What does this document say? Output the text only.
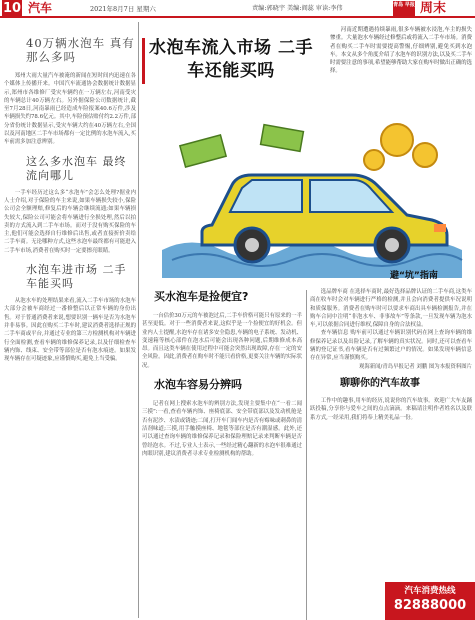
10 汽车	2021年8月7日 星期六	责编:郭晓宇 美编:阎蕊 审读:李伟	青岛 早报 周末
40万辆水泡车 真有那么多吗
郑州大雨大量汽车被淹的新闻在短时间内迅速在各个媒体上传播开来。中国汽车流通协会数据统计数据显示,郑州市各维修厂受灾车辆约在一万辆左右,河南受灾的车辆总计40万辆左右。另外据保险公司数据统计,截至7月28日,河南暴雨已经造成车险报案40.6万件,涉及车辆损失约78.6亿元。其中,车险预估赔付约2.2万件,部分省份统计数据显示,受灾车辆大约在40万辆左右,全国以及河南地区二手车市场都有一定比例的水泡车流入,买车前需多加注意辨别。
这么多水泡车 最终流向哪儿
一手车经历过这么多“水泡车”会怎么处理?据业内人士介绍,对于保险的车主来说,如果车辆损失较小,保险公司会全额理赔,修复后的车辆会继续流通;如果车辆损失较大,保险公司可能会将车辆进行全损处理,然后以拍卖的方式流入到二手车市场。而对于没有购买保险的车主,他们可能会选择自行维修后出售,或者直接折价卖给二手车商。无论哪种方式,这些水泡车最终都有可能进入二手车市场,消费者在购买时一定要擦亮眼睛。
水泡车进市场 二手车能买吗
从泡水车的处理结果来看,流入二手车市场的水泡车大部分会被车商经过一番修整后以正常车辆的身份出售。对于普通消费者来说,想要识别一辆车是否为水泡车并非易事。因此在购买二手车时,建议消费者选择正规的二手车商或平台,并通过专业的第三方检测机构对车辆进行全面检测,查看车辆的维修保养记录,以及仔细检查车辆内饰、线束、安全带等部位是否有泡水痕迹。如果发现车辆存在可疑迹象,应谨慎购买,避免上当受骗。
水泡车流入市场 二手车还能买吗
河南近期遭遇持续暴雨,很多车辆被水浸泡,车主的损失惨重。大量泡水车辆经过修整后或将流入二手车市场。消费者在购买二手车时需要提高警惕,仔细辨别,避免买到水泡车。本文从多个角度介绍了水泡车的识别方法,以及买二手车时需要注意的事项,希望能够帮助大家在购车时做出正确的选择。
避“坑”指南
买水泡车是捡便宜?
一台估价30万元的车被泡过后,二手车价格可能只有原来的一半甚至更低。对于一些消费者来说,这似乎是一个捡便宜的好机会。但业内人士提醒,水泡车存在诸多安全隐患,车辆的电子系统、发动机、变速箱等核心部件在泡水后可能会出现各种问题,后期维修成本高昂。而且这类车辆在使用过程中可能会突然出现故障,存在一定的安全风险。因此,消费者在购车时不能只看价格,更要关注车辆的实际状况。
水泡车容易分辨吗
记者在网上搜索水泡车的辨别方法,发现主要集中在“一看二闻三摸”:一看,查看车辆内饰、座椅底部、安全带底部以及发动机舱是否有泥沙、水渍或锈迹;二闻,打开车门闻车内是否有霉味或刺鼻的清洁剂味道;三摸,用手触摸座椅、地毯等部位是否有潮湿感。此外,还可以通过查询车辆的维修保养记录和保险理赔记录来判断车辆是否曾经泡水。不过,专业人士表示,一些经过精心翻新的水泡车很难通过肉眼识别,建议消费者寻求专业检测机构的帮助。
选品牌车商 在选择车商时,最好选择品牌认证的二手车商,这类车商在收车时会对车辆进行严格的检测,并且会向消费者提供车况说明和质保服务。消费者在购车时可以要求车商出具车辆检测报告,并在购车合同中注明“非泡水车、非事故车”等条款,一旦发现车辆为泡水车,可以依据合同进行维权,保障自身的合法权益。
查车辆信息 购车前可以通过车辆识别代码在网上查询车辆的维修保养记录以及出险记录,了解车辆的真实状况。同时,还可以查看车辆的登记证书,看车辆是否有过频繁过户的情况。如果发现车辆信息存在异常,应当谨慎购买。
观海新闻/青岛早报记者 刘鹏 图为本报资料图片
聊聊你的汽车故事
工作中的趣事,用车的经历,说说你的汽车故事。欢迎广大车友踊跃投稿,分享你与爱车之间的点点滴滴。来稿请注明作者姓名以及联系方式,一经采用,我们将奉上精美礼品一份。
汽车消费热线
82888000
